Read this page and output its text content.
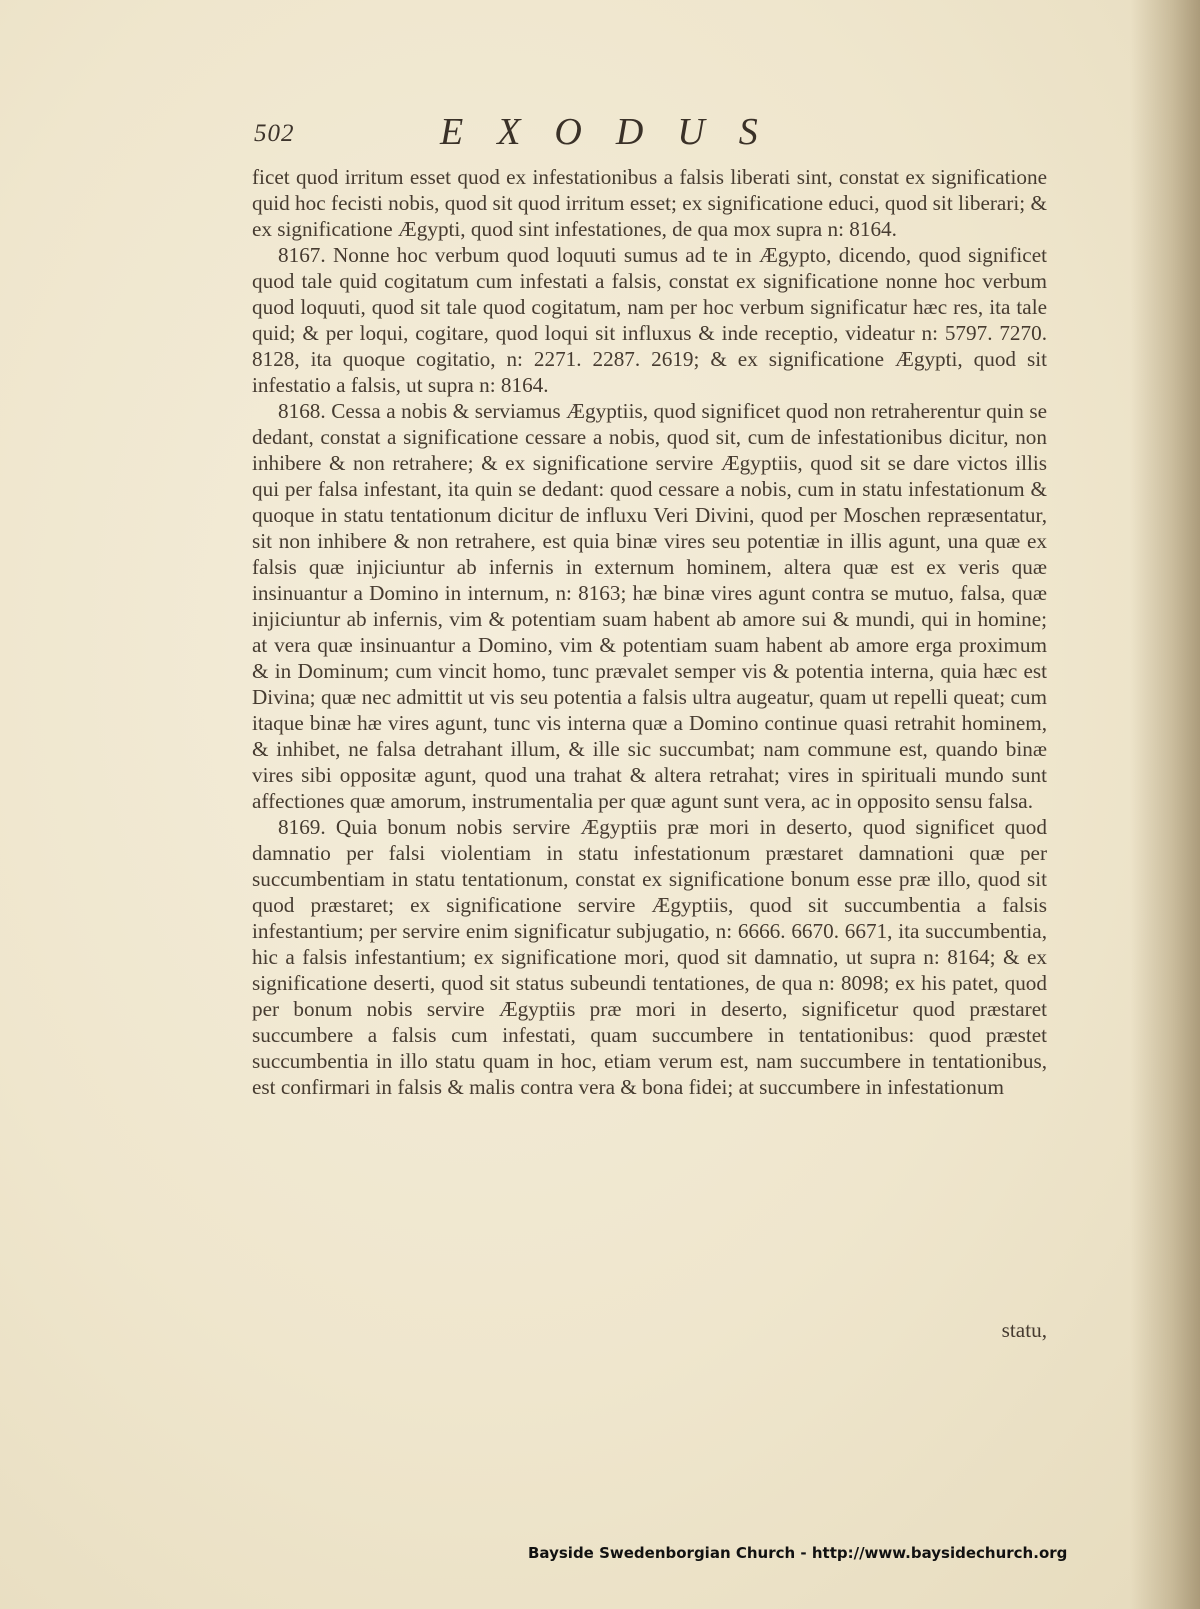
502	EXODUS

ficet quod irritum esset quod ex infestationibus a falsis liberati sint, constat ex significatione quid hoc fecisti nobis, quod sit quod irritum esset; ex significatione educi, quod sit liberari; & ex significatione Ægypti, quod sint infestationes, de qua mox supra n: 8164.

8167. Nonne hoc verbum quod loquuti sumus ad te in Ægypto, dicendo, quod significet quod tale quid cogitatum cum infestati a falsis, constat ex significatione nonne hoc verbum quod loquuti, quod sit tale quod cogitatum, nam per hoc verbum significatur hæc res, ita tale quid; & per loqui, cogitare, quod loqui sit influxus & inde receptio, videatur n: 5797. 7270. 8128, ita quoque cogitatio, n: 2271. 2287. 2619; & ex significatione Ægypti, quod sit infestatio a falsis, ut supra n: 8164.

8168. Cessa a nobis & serviamus Ægyptiis, quod significet quod non retraherentur quin se dedant, constat a significatione cessare a nobis, quod sit, cum de infestationibus dicitur, non inhibere & non retrahere; & ex significatione servire Ægyptiis, quod sit se dare victos illis qui per falsa infestant, ita quin se dedant: quod cessare a nobis, cum in statu infestationum & quoque in statu tentationum dicitur de influxu Veri Divini, quod per Moschen repræsentatur, sit non inhibere & non retrahere, est quia binæ vires seu potentiæ in illis agunt, una quæ ex falsis quæ injiciuntur ab infernis in externum hominem, altera quæ est ex veris quæ insinuantur a Domino in internum, n: 8163; hæ binæ vires agunt contra se mutuo, falsa, quæ injiciuntur ab infernis, vim & potentiam suam habent ab amore sui & mundi, qui in homine; at vera quæ insinuantur a Domino, vim & potentiam suam habent ab amore erga proximum & in Dominum; cum vincit homo, tunc prævalet semper vis & potentia interna, quia hæc est Divina; quæ nec admittit ut vis seu potentia a falsis ultra augeatur, quam ut repelli queat; cum itaque binæ hæ vires agunt, tunc vis interna quæ a Domino continue quasi retrahit hominem, & inhibet, ne falsa detrahant illum, & ille sic succumbat; nam commune est, quando binæ vires sibi oppositæ agunt, quod una trahat & altera retrahat; vires in spirituali mundo sunt affectiones quæ amorum, instrumentalia per quæ agunt sunt vera, ac in opposito sensu falsa.

8169. Quia bonum nobis servire Ægyptiis præ mori in deserto, quod significet quod damnatio per falsi violentiam in statu infestationum præstaret damnationi quæ per succumbentiam in statu tentationum, constat ex significatione bonum esse præ illo, quod sit quod præstaret; ex significatione servire Ægyptiis, quod sit succumbentia a falsis infestantium; per servire enim significatur subjugatio, n: 6666. 6670. 6671, ita succumbentia, hic a falsis infestantium; ex significatione mori, quod sit damnatio, ut supra n: 8164; & ex significatione deserti, quod sit status subeundi tentationes, de qua n: 8098; ex his patet, quod per bonum nobis servire Ægyptiis præ mori in deserto, significetur quod præstaret succumbere a falsis cum infestati, quam succumbere in tentationibus: quod præstet succumbentia in illo statu quam in hoc, etiam verum est, nam succumbere in tentationibus, est confirmari in falsis & malis contra vera & bona fidei; at succumbere in infestationum

statu,
Bayside Swedenborgian Church - http://www.baysidechurch.org
